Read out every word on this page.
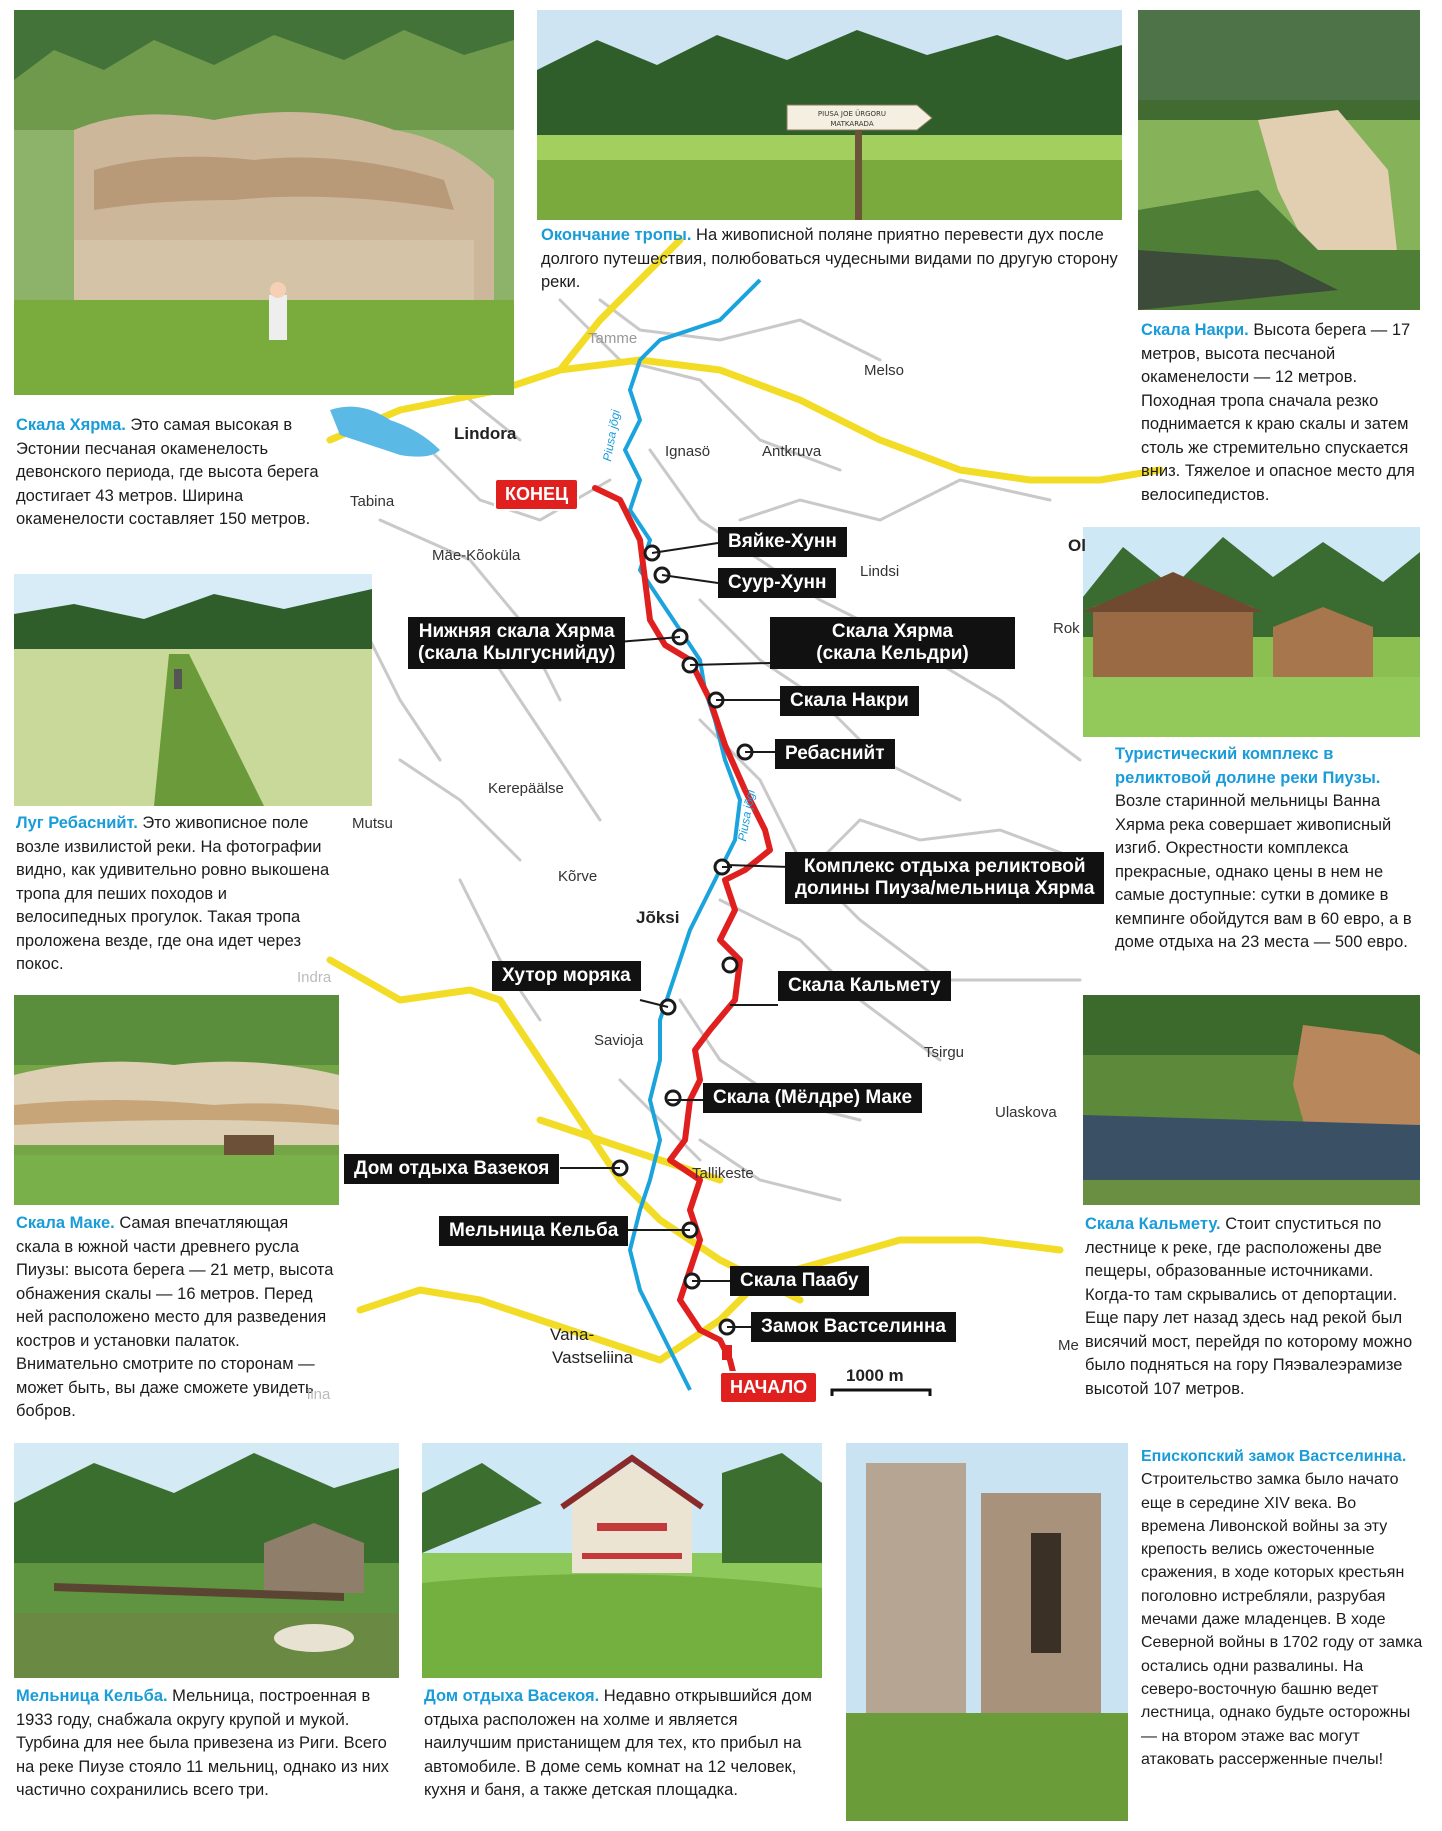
PIUSA JOE ÜRGORU
MATKARADA
Окончание тропы. На живописной поляне приятно перевести дух после долгого путешествия, полюбоваться чудесными видами по другую сторону реки.
Скала Хярма. Это самая высокая в Эстонии песчаная окаменелость девонского периода, где высота берега достигает 43 метров. Ширина окаменелости составляет 150 метров.
Скала Накри. Высота берега — 17 метров, высота песчаной окаменелости — 12 метров. Походная тропа сначала резко поднимается к краю скалы и затем столь же стремительно спускается вниз. Тяжелое и опасное место для велосипедистов.
Луг Ребаснийт. Это живописное поле возле извилистой реки. На фотографии видно, как удивительно ровно выкошена тропа для пеших походов и велосипедных прогулок. Такая тропа проложена везде, где она идет через покос.
Туристический комплекс в реликтовой долине реки Пиузы. Возле старинной мельницы Ванна Хярма река совершает живописный изгиб. Окрестности комплекса прекрасные, однако цены в нем не самые доступные: сутки в домике в кемпинге обойдутся вам в 60 евро, а в доме отдыха на 23 места — 500 евро.
Скала Маке. Самая впечатляющая скала в южной части древнего русла Пиузы: высота берега — 21 метр, высота обнажения скалы — 16 метров. Перед ней расположено место для разведения костров и установки палаток. Внимательно смотрите по сторонам — может быть, вы даже сможете увидеть бобров.
Скала Кальмету. Стоит спуститься по лестнице к реке, где расположены две пещеры, образованные источниками. Когда-то там скрывались от депортации. Еще пару лет назад здесь над рекой был висячий мост, перейдя по которому можно было подняться на гору Пяэвалеэрамизе высотой 107 метров.
Мельница Кельба. Мельница, построенная в 1933 году, снабжала округу крупой и мукой. Турбина для нее была привезена из Риги. Всего на реке Пиузе стояло 11 мельниц, однако из них частично сохранились всего три.
Дом отдыха Васекоя. Недавно открывшийся дом отдыха расположен на холме и является наилучшим пристанищем для тех, кто прибыл на автомобиле. В доме семь комнат на 12 человек, кухня и баня, а также детская площадка.
Епископский замок Вастселинна. Строительство замка было начато еще в середине XIV века. Во времена Ливонской войны за эту крепость велись ожесточенные сражения, в ходе которых крестьян поголовно истребляли, разрубая мечами даже младенцев. В ходе Северной войны в 1702 году от замка остались одни развалины. На северо-восточную башню ведет лестница, однако будьте осторожны — на втором этаже вас могут атаковать рассерженные пчелы!
Tamme
Melso
Lindora
Ignasö	Antkruva
Tabina
Mäe-Kõoküla
Lindsi
Ol
Rok
Kerepäälse
Mutsu
Kõrve
Jõksi
Indra
Savioja
Tsirgu
Ulaskova
Tallikeste
Vana-
Vastseliina
Me
lina
Piusa jõgi
Piusa jõgi
КОНЕЦ
НАЧАЛО
Вяйке-Хунн
Суур-Хунн
Нижняя скала Хярма
(скала Кылгуснийду)
Скала Хярма
(скала Кельдри)
Скала Накри
Ребаснийт
Комплекс отдыха реликтовой
долины Пиуза/мельница Хярма
Хутор моряка	Скала Кальмету
Скала (Мёлдре) Маке
Дом отдыха Вазекоя
Мельница Кельба
Скала Паабу
Замок Вастселинна
1000 m
